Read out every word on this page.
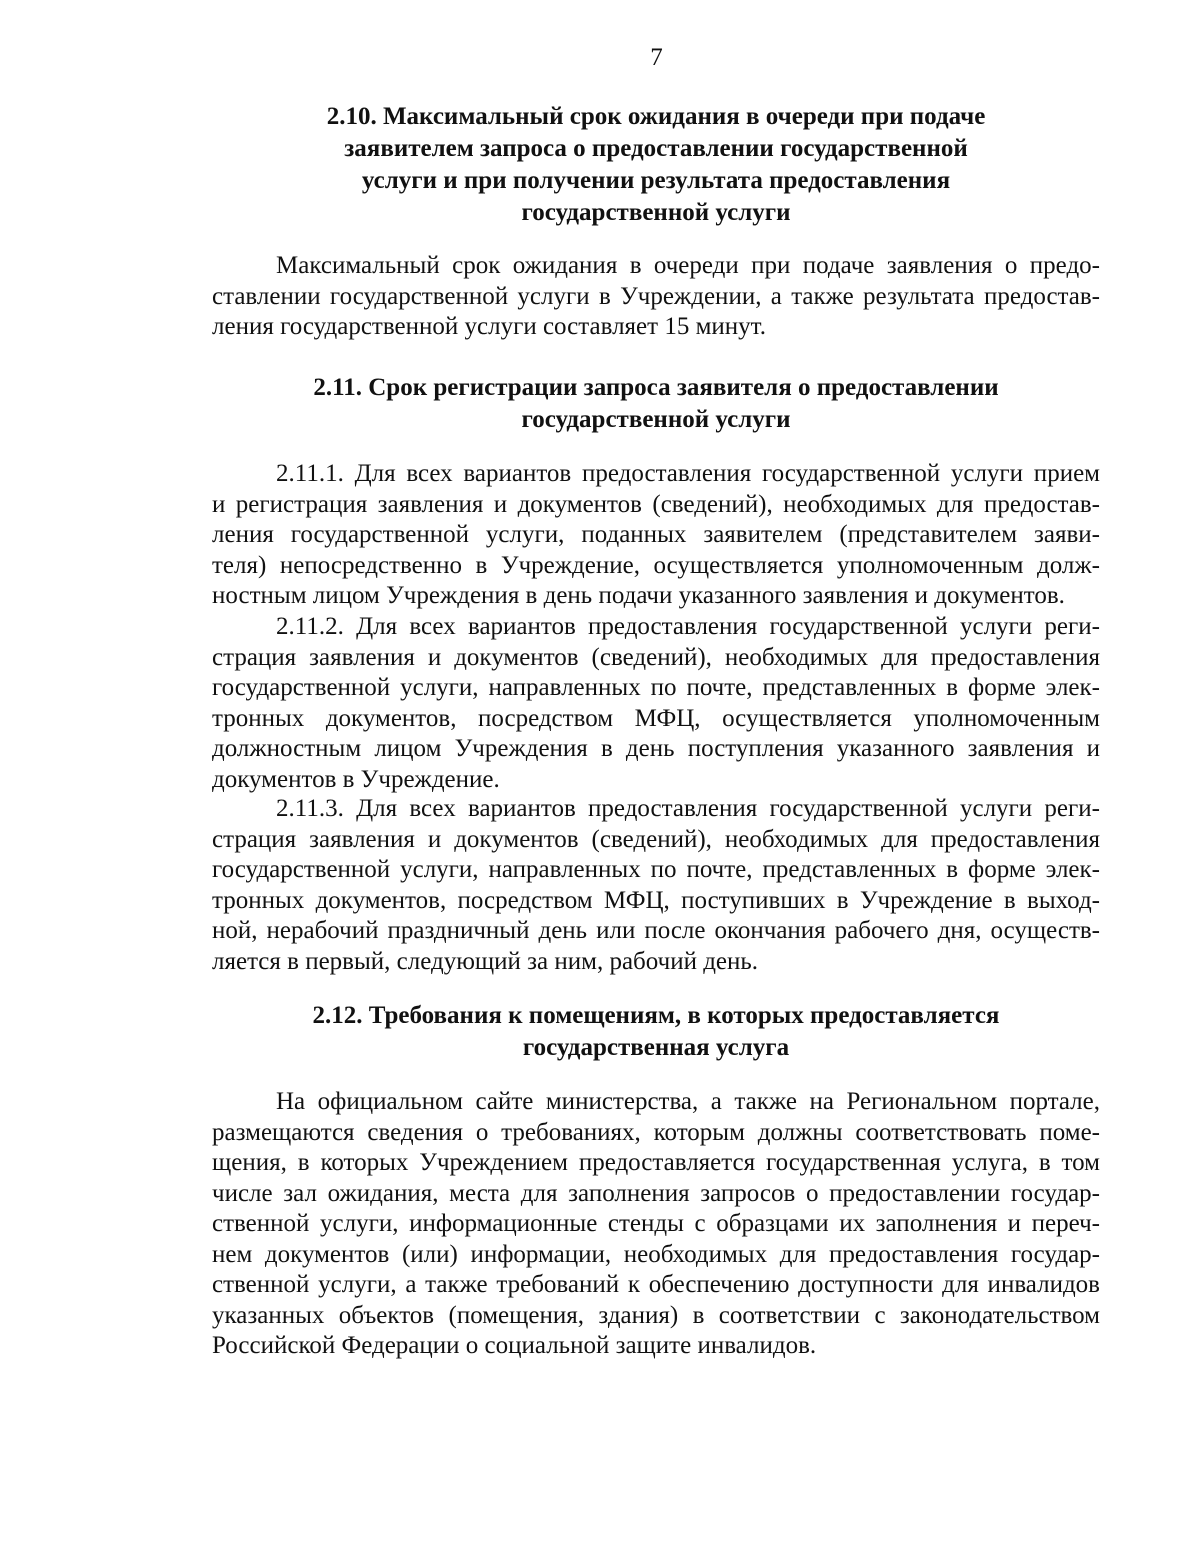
7
2.10. Максимальный срок ожидания в очереди при подаче
заявителем запроса о предоставлении государственной
услуги и при получении результата предоставления
государственной услуги
Максимальный срок ожидания в очереди при подаче заявления о предо-
ставлении государственной услуги в Учреждении, а также результата предостав-
ления государственной услуги составляет 15 минут.
2.11. Срок регистрации запроса заявителя о предоставлении
государственной услуги
2.11.1. Для всех вариантов предоставления государственной услуги прием
и регистрация заявления и документов (сведений), необходимых для предостав-
ления государственной услуги, поданных заявителем (представителем заяви-
теля) непосредственно в Учреждение, осуществляется уполномоченным долж-
ностным лицом Учреждения в день подачи указанного заявления и документов.
2.11.2. Для всех вариантов предоставления государственной услуги реги-
страция заявления и документов (сведений), необходимых для предоставления
государственной услуги, направленных по почте, представленных в форме элек-
тронных документов, посредством МФЦ, осуществляется уполномоченным
должностным лицом Учреждения в день поступления указанного заявления и
документов в Учреждение.
2.11.3. Для всех вариантов предоставления государственной услуги реги-
страция заявления и документов (сведений), необходимых для предоставления
государственной услуги, направленных по почте, представленных в форме элек-
тронных документов, посредством МФЦ, поступивших в Учреждение в выход-
ной, нерабочий праздничный день или после окончания рабочего дня, осуществ-
ляется в первый, следующий за ним, рабочий день.
2.12. Требования к помещениям, в которых предоставляется
государственная услуга
На официальном сайте министерства, а также на Региональном портале,
размещаются сведения о требованиях, которым должны соответствовать поме-
щения, в которых Учреждением предоставляется государственная услуга, в том
числе зал ожидания, места для заполнения запросов о предоставлении государ-
ственной услуги, информационные стенды с образцами их заполнения и переч-
нем документов (или) информации, необходимых для предоставления государ-
ственной услуги, а также требований к обеспечению доступности для инвалидов
указанных объектов (помещения, здания) в соответствии с законодательством
Российской Федерации о социальной защите инвалидов.
